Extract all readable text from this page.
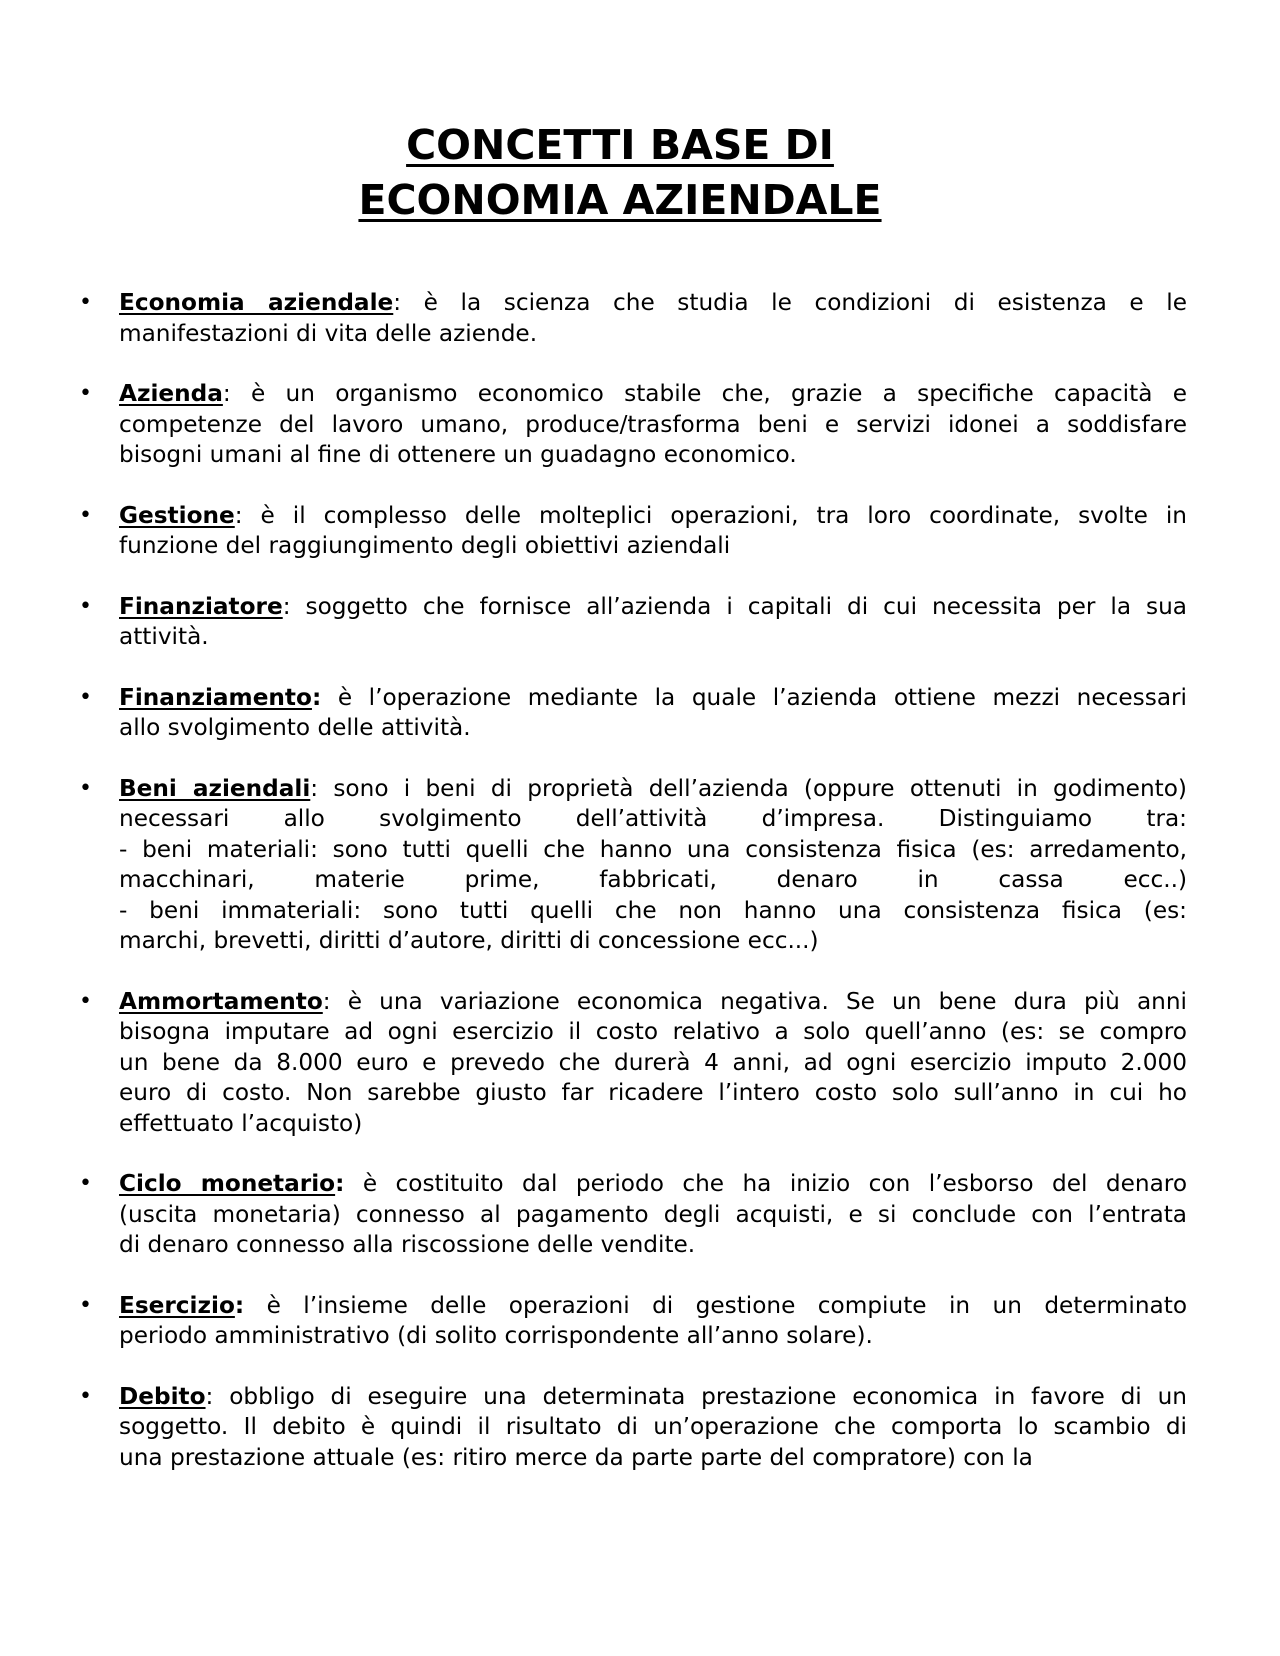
CONCETTI BASE DI
ECONOMIA AZIENDALE
• Economia aziendale: è la scienza che studia le condizioni di esistenza e le
manifestazioni di vita delle aziende.
• Azienda: è un organismo economico stabile che, grazie a specifiche capacità e
competenze del lavoro umano, produce/trasforma beni e servizi idonei a soddisfare
bisogni umani al fine di ottenere un guadagno economico.
• Gestione: è il complesso delle molteplici operazioni, tra loro coordinate, svolte in
funzione del raggiungimento degli obiettivi aziendali
• Finanziatore: soggetto che fornisce all’azienda i capitali di cui necessita per la sua
attività.
• Finanziamento: è l’operazione mediante la quale l’azienda ottiene mezzi necessari
allo svolgimento delle attività.
• Beni aziendali: sono i beni di proprietà dell’azienda (oppure ottenuti in godimento)
necessari allo svolgimento dell’attività d’impresa. Distinguiamo tra:
- beni materiali: sono tutti quelli che hanno una consistenza fisica (es: arredamento,
macchinari, materie prime, fabbricati, denaro in cassa ecc..)
- beni immateriali: sono tutti quelli che non hanno una consistenza fisica (es:
marchi, brevetti, diritti d’autore, diritti di concessione ecc...)
• Ammortamento: è una variazione economica negativa. Se un bene dura più anni
bisogna imputare ad ogni esercizio il costo relativo a solo quell’anno (es: se compro
un bene da 8.000 euro e prevedo che durerà 4 anni, ad ogni esercizio imputo 2.000
euro di costo. Non sarebbe giusto far ricadere l’intero costo solo sull’anno in cui ho
effettuato l’acquisto)
• Ciclo monetario: è costituito dal periodo che ha inizio con l’esborso del denaro
(uscita monetaria) connesso al pagamento degli acquisti, e si conclude con l’entrata
di denaro connesso alla riscossione delle vendite.
• Esercizio: è l’insieme delle operazioni di gestione compiute in un determinato
periodo amministrativo (di solito corrispondente all’anno solare).
• Debito: obbligo di eseguire una determinata prestazione economica in favore di un
soggetto. Il debito è quindi il risultato di un’operazione che comporta lo scambio di
una prestazione attuale (es: ritiro merce da parte parte del compratore) con la
